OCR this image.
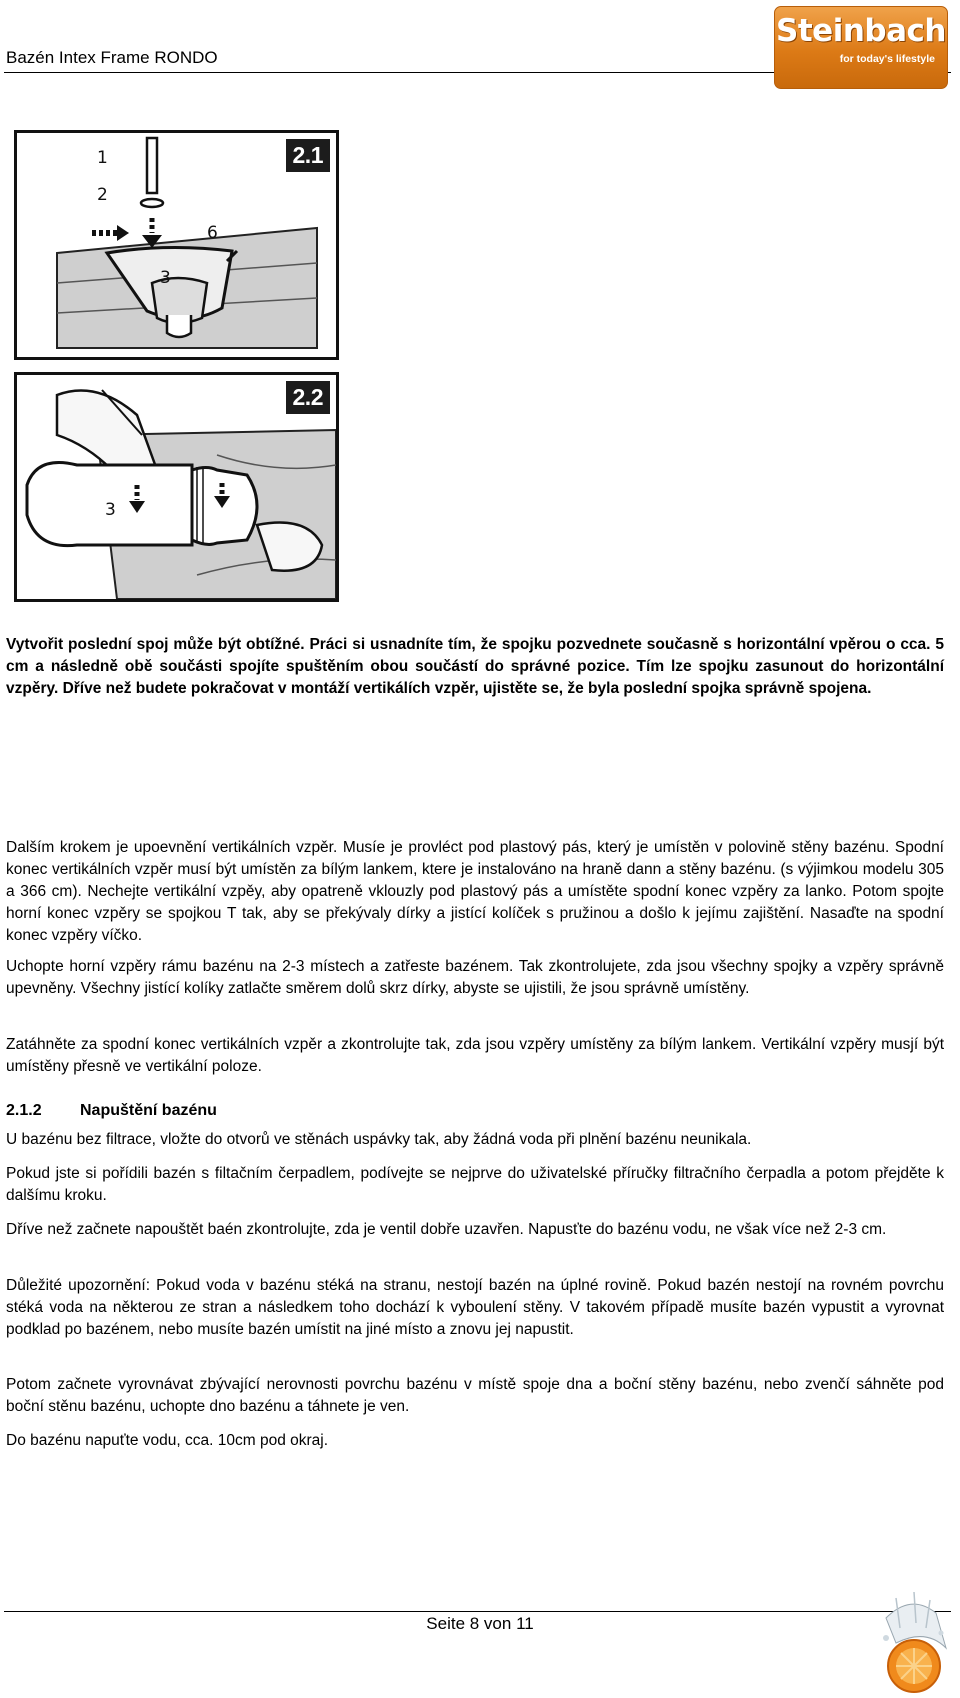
Bazén Intex Frame RONDO
Steinbach
for today's lifestyle
1
2
6
3
2.1
3
2.2

Vytvořit poslední spoj může být obtížné. Práci si usnadníte tím, že spojku pozvednete současně s horizontální vpěrou o cca. 5 cm a následně obě součásti spojíte spuštěním obou součástí do správné pozice. Tím lze spojku zasunout do horizontální vzpěry. Dříve než budete pokračovat v montáží vertikálích vzpěr, ujistěte se, že byla poslední spojka správně spojena.

Dalším krokem je upoevnění vertikálních vzpěr. Musíe je provléct pod plastový pás, který je umístěn v polovině stěny bazénu. Spodní konec vertikálních vzpěr musí být umístěn za bílým lankem, ktere je instalováno na hraně dann a stěny bazénu. (s výjimkou modelu 305 a 366 cm). Nechejte vertikální vzpěy, aby opatreně vklouzly pod plastový pás a umístěte spodní konec vzpěry za lanko. Potom spojte horní konec vzpěry se spojkou T tak, aby se překývaly dírky a jistící kolíček s pružinou a došlo k jejímu zajištění. Nasaďte na spodní konec vzpěry víčko.

Uchopte horní vzpěry rámu bazénu na 2-3 místech a zatřeste bazénem. Tak zkontrolujete, zda jsou všechny spojky a vzpěry správně upevněny. Všechny jistící kolíky zatlačte směrem dolů skrz dírky, abyste se ujistili, že jsou správně umístěny.

Zatáhněte za spodní konec vertikálních vzpěr a zkontrolujte tak, zda jsou vzpěry umístěny za bílým lankem. Vertikální vzpěry musjí být umístěny přesně ve vertikální poloze.

2.1.2 Napuštění bazénu

U bazénu bez filtrace, vložte do otvorů ve stěnách uspávky tak, aby žádná voda při plnění bazénu neunikala.

Pokud jste si pořídili bazén s filtačním čerpadlem, podívejte se nejprve do uživatelské příručky filtračního čerpadla a potom přejděte k dalšímu kroku.

Dříve než začnete napouštět baén zkontrolujte, zda je ventil dobře uzavřen. Napusťte do bazénu vodu, ne však více než 2-3 cm.

Důležité upozornění: Pokud voda v bazénu stéká na stranu, nestojí bazén na úplné rovině. Pokud bazén nestojí na rovném povrchu stéká voda na některou ze stran a následkem toho dochází k vyboulení stěny. V takovém případě musíte bazén vypustit a vyrovnat podklad po bazénem, nebo musíte bazén umístit na jiné místo a znovu jej napustit.

Potom začnete vyrovnávat zbývající nerovnosti povrchu bazénu v místě spoje dna a boční stěny bazénu, nebo zvenčí sáhněte pod boční stěnu bazénu, uchopte dno bazénu a táhnete je ven.

Do bazénu napuťte vodu, cca. 10cm pod okraj.

Seite 8 von 11
